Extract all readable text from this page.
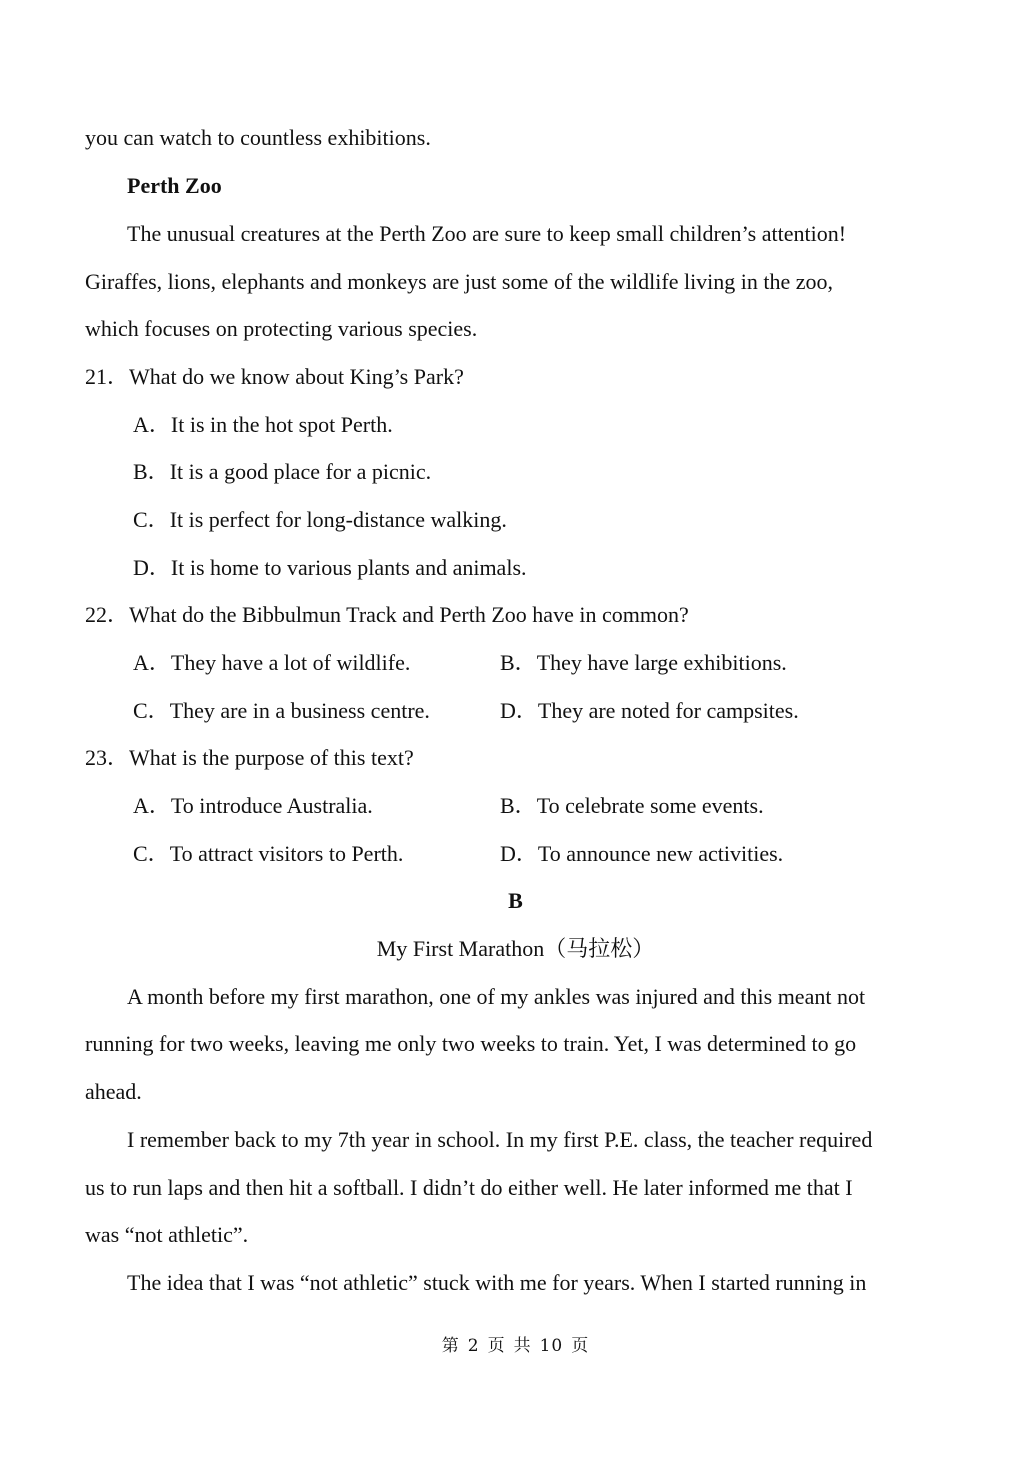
you can watch to countless exhibitions.
Perth Zoo
The unusual creatures at the Perth Zoo are sure to keep small children’s attention!
Giraffes, lions, elephants and monkeys are just some of the wildlife living in the zoo,
which focuses on protecting various species.
21．What do we know about King’s Park?
A．It is in the hot spot Perth.
B．It is a good place for a picnic.
C．It is perfect for long-distance walking.
D．It is home to various plants and animals.
22．What do the Bibbulmun Track and Perth Zoo have in common?
A．They have a lot of wildlife.	B．They have large exhibitions.
C．They are in a business centre.	D．They are noted for campsites.
23．What is the purpose of this text?
A．To introduce Australia.	B．To celebrate some events.
C．To attract visitors to Perth.	D．To announce new activities.
B
My First Marathon（马拉松）
A month before my first marathon, one of my ankles was injured and this meant not
running for two weeks, leaving me only two weeks to train. Yet, I was determined to go
ahead.
I remember back to my 7th year in school. In my first P.E. class, the teacher required
us to run laps and then hit a softball. I didn’t do either well. He later informed me that I
was “not athletic”.
The idea that I was “not athletic” stuck with me for years. When I started running in
第 2 页 共 10 页
